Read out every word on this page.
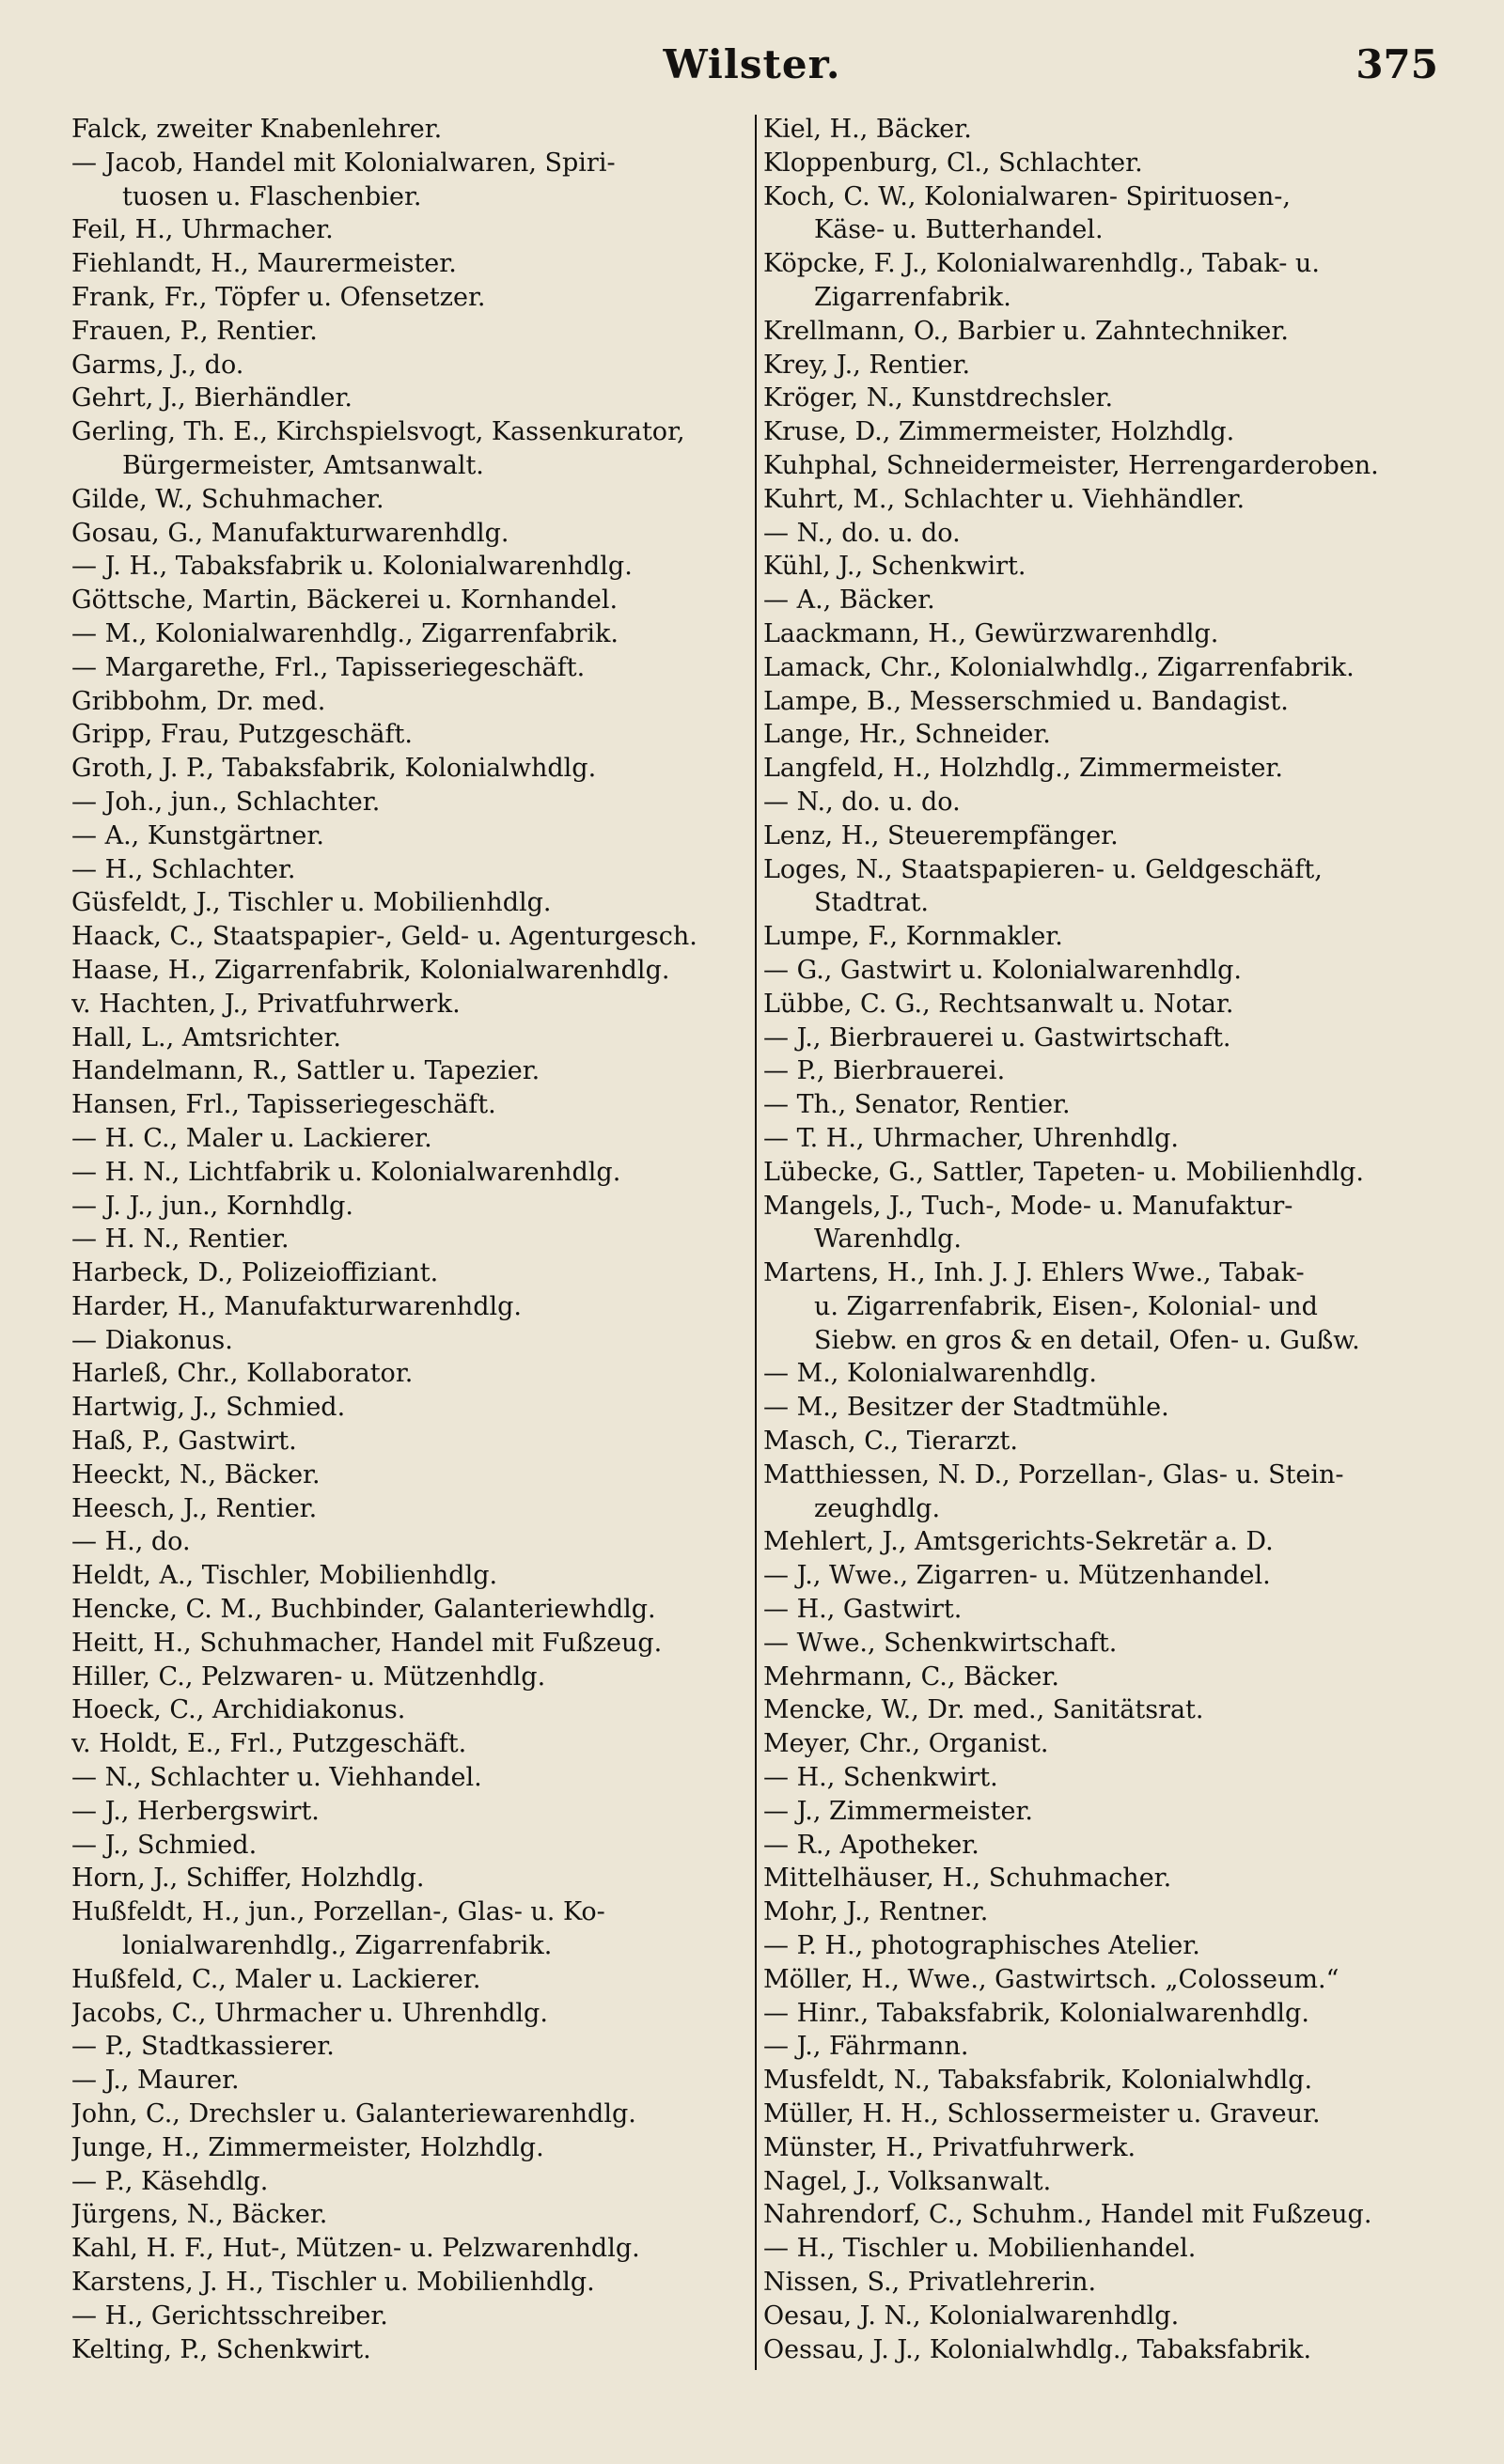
Wilster.	375
Falck, zweiter Knabenlehrer.
— Jacob, Handel mit Kolonialwaren, Spiri-
tuosen u. Flaschenbier.
Feil, H., Uhrmacher.
Fiehlandt, H., Maurermeister.
Frank, Fr., Töpfer u. Ofensetzer.
Frauen, P., Rentier.
Garms, J., do.
Gehrt, J., Bierhändler.
Gerling, Th. E., Kirchspielsvogt, Kassenkurator,
Bürgermeister, Amtsanwalt.
Gilde, W., Schuhmacher.
Gosau, G., Manufakturwarenhdlg.
— J. H., Tabaksfabrik u. Kolonialwarenhdlg.
Göttsche, Martin, Bäckerei u. Kornhandel.
— M., Kolonialwarenhdlg., Zigarrenfabrik.
— Margarethe, Frl., Tapisseriegeschäft.
Gribbohm, Dr. med.
Gripp, Frau, Putzgeschäft.
Groth, J. P., Tabaksfabrik, Kolonialwhdlg.
— Joh., jun., Schlachter.
— A., Kunstgärtner.
— H., Schlachter.
Güsfeldt, J., Tischler u. Mobilienhdlg.
Haack, C., Staatspapier-, Geld- u. Agenturgesch.
Haase, H., Zigarrenfabrik, Kolonialwarenhdlg.
v. Hachten, J., Privatfuhrwerk.
Hall, L., Amtsrichter.
Handelmann, R., Sattler u. Tapezier.
Hansen, Frl., Tapisseriegeschäft.
— H. C., Maler u. Lackierer.
— H. N., Lichtfabrik u. Kolonialwarenhdlg.
— J. J., jun., Kornhdlg.
— H. N., Rentier.
Harbeck, D., Polizeioffiziant.
Harder, H., Manufakturwarenhdlg.
— Diakonus.
Harleß, Chr., Kollaborator.
Hartwig, J., Schmied.
Haß, P., Gastwirt.
Heeckt, N., Bäcker.
Heesch, J., Rentier.
— H., do.
Heldt, A., Tischler, Mobilienhdlg.
Hencke, C. M., Buchbinder, Galanteriewhdlg.
Heitt, H., Schuhmacher, Handel mit Fußzeug.
Hiller, C., Pelzwaren- u. Mützenhdlg.
Hoeck, C., Archidiakonus.
v. Holdt, E., Frl., Putzgeschäft.
— N., Schlachter u. Viehhandel.
— J., Herbergswirt.
— J., Schmied.
Horn, J., Schiffer, Holzhdlg.
Hußfeldt, H., jun., Porzellan-, Glas- u. Ko-
lonialwarenhdlg., Zigarrenfabrik.
Hußfeld, C., Maler u. Lackierer.
Jacobs, C., Uhrmacher u. Uhrenhdlg.
— P., Stadtkassierer.
— J., Maurer.
John, C., Drechsler u. Galanteriewarenhdlg.
Junge, H., Zimmermeister, Holzhdlg.
— P., Käsehdlg.
Jürgens, N., Bäcker.
Kahl, H. F., Hut-, Mützen- u. Pelzwarenhdlg.
Karstens, J. H., Tischler u. Mobilienhdlg.
— H., Gerichtsschreiber.
Kelting, P., Schenkwirt.
Kiel, H., Bäcker.
Kloppenburg, Cl., Schlachter.
Koch, C. W., Kolonialwaren- Spirituosen-,
Käse- u. Butterhandel.
Köpcke, F. J., Kolonialwarenhdlg., Tabak- u.
Zigarrenfabrik.
Krellmann, O., Barbier u. Zahntechniker.
Krey, J., Rentier.
Kröger, N., Kunstdrechsler.
Kruse, D., Zimmermeister, Holzhdlg.
Kuhphal, Schneidermeister, Herrengarderoben.
Kuhrt, M., Schlachter u. Viehhändler.
— N., do. u. do.
Kühl, J., Schenkwirt.
— A., Bäcker.
Laackmann, H., Gewürzwarenhdlg.
Lamack, Chr., Kolonialwhdlg., Zigarrenfabrik.
Lampe, B., Messerschmied u. Bandagist.
Lange, Hr., Schneider.
Langfeld, H., Holzhdlg., Zimmermeister.
— N., do. u. do.
Lenz, H., Steuerempfänger.
Loges, N., Staatspapieren- u. Geldgeschäft,
Stadtrat.
Lumpe, F., Kornmakler.
— G., Gastwirt u. Kolonialwarenhdlg.
Lübbe, C. G., Rechtsanwalt u. Notar.
— J., Bierbrauerei u. Gastwirtschaft.
— P., Bierbrauerei.
— Th., Senator, Rentier.
— T. H., Uhrmacher, Uhrenhdlg.
Lübecke, G., Sattler, Tapeten- u. Mobilienhdlg.
Mangels, J., Tuch-, Mode- u. Manufaktur-
Warenhdlg.
Martens, H., Inh. J. J. Ehlers Wwe., Tabak-
u. Zigarrenfabrik, Eisen-, Kolonial- und
Siebw. en gros & en detail, Ofen- u. Gußw.
— M., Kolonialwarenhdlg.
— M., Besitzer der Stadtmühle.
Masch, C., Tierarzt.
Matthiessen, N. D., Porzellan-, Glas- u. Stein-
zeughdlg.
Mehlert, J., Amtsgerichts-Sekretär a. D.
— J., Wwe., Zigarren- u. Mützenhandel.
— H., Gastwirt.
— Wwe., Schenkwirtschaft.
Mehrmann, C., Bäcker.
Mencke, W., Dr. med., Sanitätsrat.
Meyer, Chr., Organist.
— H., Schenkwirt.
— J., Zimmermeister.
— R., Apotheker.
Mittelhäuser, H., Schuhmacher.
Mohr, J., Rentner.
— P. H., photographisches Atelier.
Möller, H., Wwe., Gastwirtsch. „Colosseum.“
— Hinr., Tabaksfabrik, Kolonialwarenhdlg.
— J., Fährmann.
Musfeldt, N., Tabaksfabrik, Kolonialwhdlg.
Müller, H. H., Schlossermeister u. Graveur.
Münster, H., Privatfuhrwerk.
Nagel, J., Volksanwalt.
Nahrendorf, C., Schuhm., Handel mit Fußzeug.
— H., Tischler u. Mobilienhandel.
Nissen, S., Privatlehrerin.
Oesau, J. N., Kolonialwarenhdlg.
Oessau, J. J., Kolonialwhdlg., Tabaksfabrik.
